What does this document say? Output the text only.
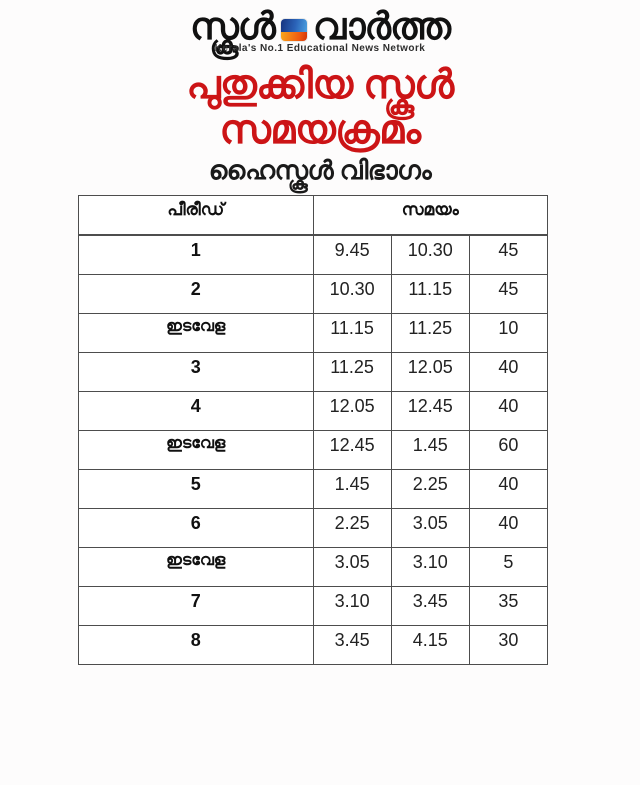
സ്കൂൾ വാർത്ത
Kerala's No.1 Educational News Network
പുതുക്കിയ സ്കൂൾ
സമയക്രമം
ഹൈസ്കൂൾ വിഭാഗം
പീരീഡ്	സമയം		
1	9.45	10.30	45
2	10.30	11.15	45
ഇടവേള	11.15	11.25	10
3	11.25	12.05	40
4	12.05	12.45	40
ഇടവേള	12.45	1.45	60
5	1.45	2.25	40
6	2.25	3.05	40
ഇടവേള	3.05	3.10	5
7	3.10	3.45	35
8	3.45	4.15	30
